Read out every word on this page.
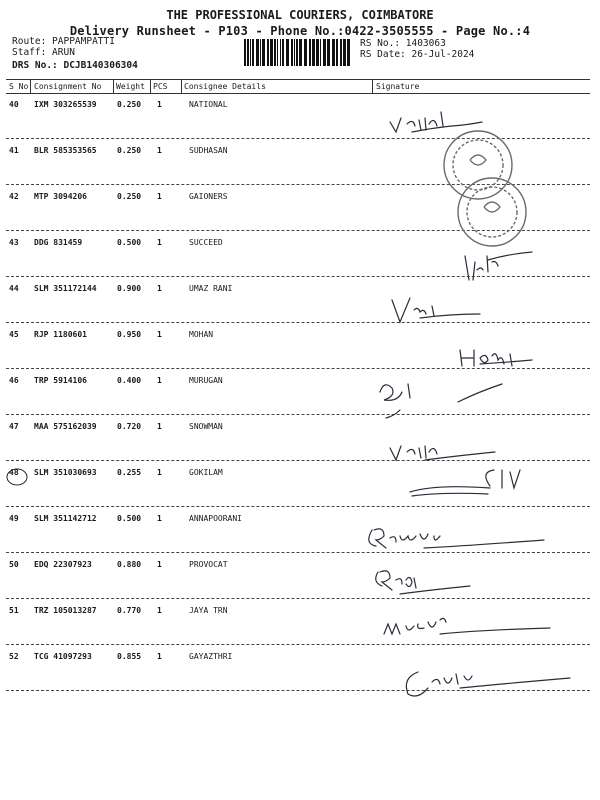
THE PROFESSIONAL COURIERS, COIMBATORE
Delivery Runsheet - P103 - Phone No.:0422-3505555 - Page No.:4
Route: PAPPAMPATTI
Staff: ARUN
DRS No.: DCJB140306304
RS No.: 1403063
RS Date: 26-Jul-2024
S No Consignment No Weight PCS Consignee Details	Signature
40 IXM 303265539	0.250 1	NATIONAL
41 BLR 585353565	0.250 1	SUDHASAN
42 MTP 3094206	0.250 1	GAIONERS
43 DDG 831459	0.500 1	SUCCEED
44 SLM 351172144	0.900 1	UMAZ RANI
45 RJP 1180601	0.950 1	MOHAN
46 TRP 5914106	0.400 1	MURUGAN
47 MAA 575162039	0.720 1	SNOWMAN
48 SLM 351030693	0.255 1	GOKILAM
49 SLM 351142712	0.500 1	ANNAPOORANI
50 EDQ 22307923	0.880 1	PROVOCAT
51 TRZ 105013287	0.770 1	JAYA TRN
52 TCG 41097293	0.855 1	GAYAZTHRI
